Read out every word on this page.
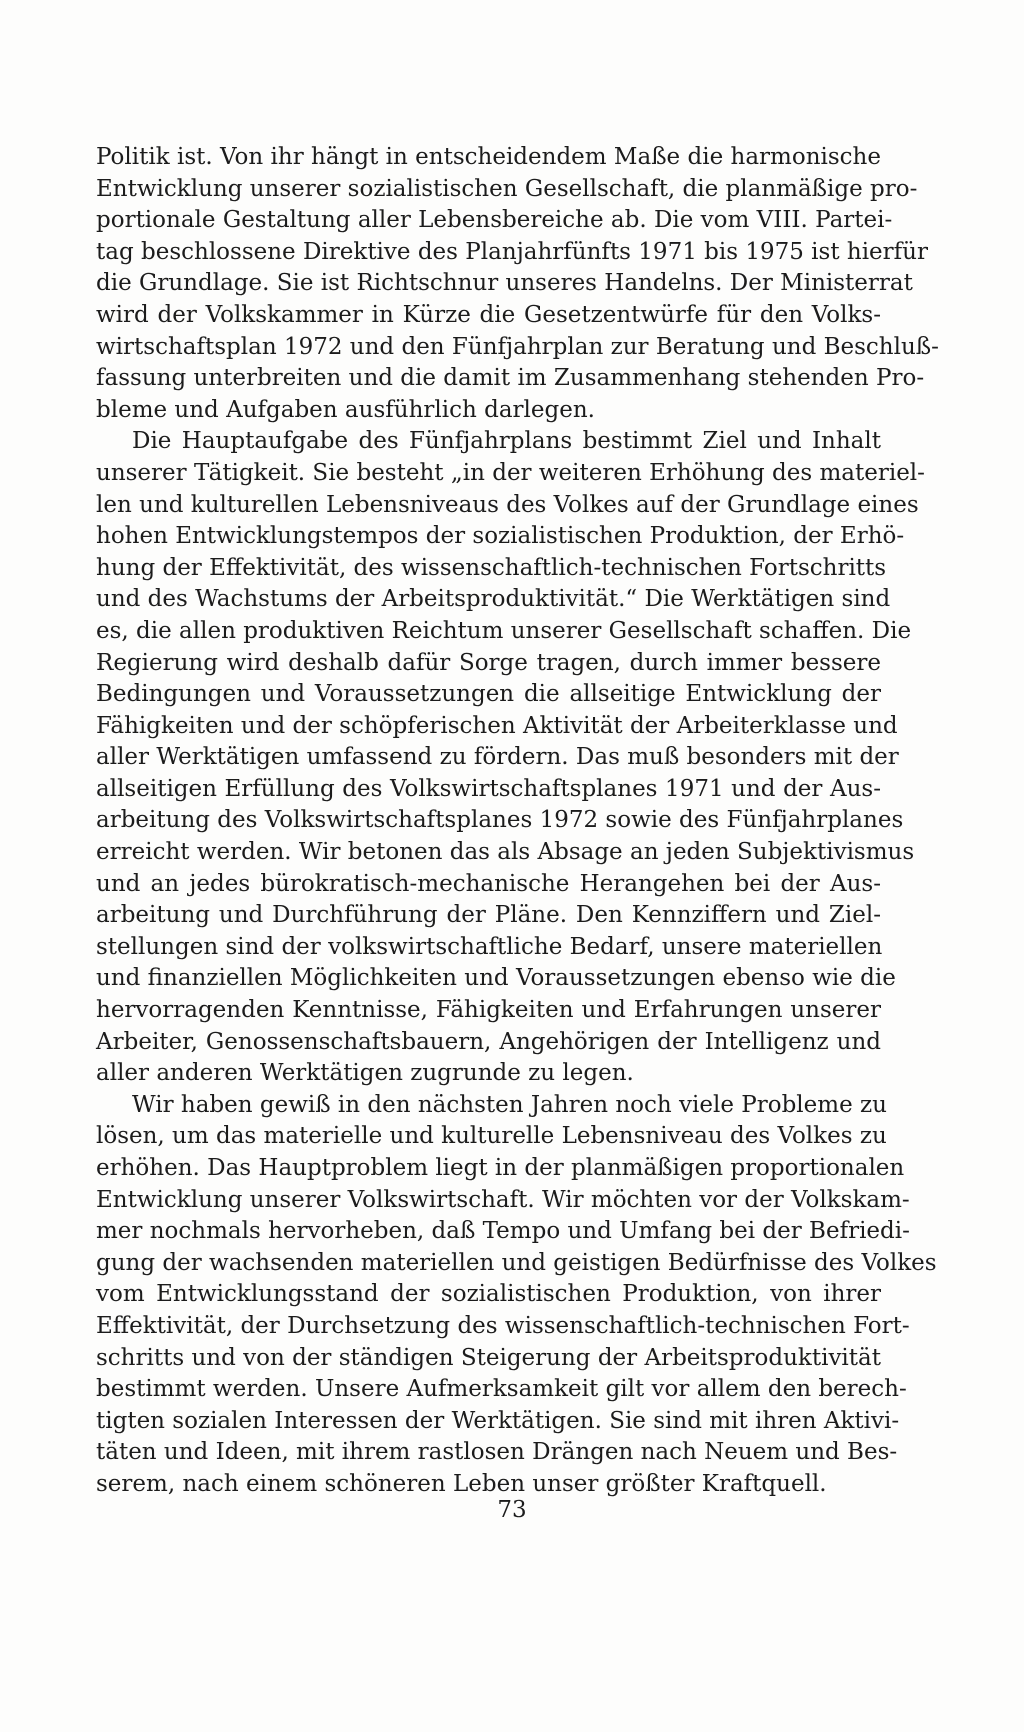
Politik ist. Von ihr hängt in entscheidendem Maße die harmonische
Entwicklung unserer sozialistischen Gesellschaft, die planmäßige pro-
portionale Gestaltung aller Lebensbereiche ab. Die vom VIII. Partei-
tag beschlossene Direktive des Planjahrfünfts 1971 bis 1975 ist hierfür
die Grundlage. Sie ist Richtschnur unseres Handelns. Der Ministerrat
wird der Volkskammer in Kürze die Gesetzentwürfe für den Volks-
wirtschaftsplan 1972 und den Fünfjahrplan zur Beratung und Beschluß-
fassung unterbreiten und die damit im Zusammenhang stehenden Pro-
bleme und Aufgaben ausführlich darlegen.
Die Hauptaufgabe des Fünfjahrplans bestimmt Ziel und Inhalt
unserer Tätigkeit. Sie besteht „in der weiteren Erhöhung des materiel-
len und kulturellen Lebensniveaus des Volkes auf der Grundlage eines
hohen Entwicklungstempos der sozialistischen Produktion, der Erhö-
hung der Effektivität, des wissenschaftlich-technischen Fortschritts
und des Wachstums der Arbeitsproduktivität.“ Die Werktätigen sind
es, die allen produktiven Reichtum unserer Gesellschaft schaffen. Die
Regierung wird deshalb dafür Sorge tragen, durch immer bessere
Bedingungen und Voraussetzungen die allseitige Entwicklung der
Fähigkeiten und der schöpferischen Aktivität der Arbeiterklasse und
aller Werktätigen umfassend zu fördern. Das muß besonders mit der
allseitigen Erfüllung des Volkswirtschaftsplanes 1971 und der Aus-
arbeitung des Volkswirtschaftsplanes 1972 sowie des Fünfjahrplanes
erreicht werden. Wir betonen das als Absage an jeden Subjektivismus
und an jedes bürokratisch-mechanische Herangehen bei der Aus-
arbeitung und Durchführung der Pläne. Den Kennziffern und Ziel-
stellungen sind der volkswirtschaftliche Bedarf, unsere materiellen
und finanziellen Möglichkeiten und Voraussetzungen ebenso wie die
hervorragenden Kenntnisse, Fähigkeiten und Erfahrungen unserer
Arbeiter, Genossenschaftsbauern, Angehörigen der Intelligenz und
aller anderen Werktätigen zugrunde zu legen.
Wir haben gewiß in den nächsten Jahren noch viele Probleme zu
lösen, um das materielle und kulturelle Lebensniveau des Volkes zu
erhöhen. Das Hauptproblem liegt in der planmäßigen proportionalen
Entwicklung unserer Volkswirtschaft. Wir möchten vor der Volkskam-
mer nochmals hervorheben, daß Tempo und Umfang bei der Befriedi-
gung der wachsenden materiellen und geistigen Bedürfnisse des Volkes
vom Entwicklungsstand der sozialistischen Produktion, von ihrer
Effektivität, der Durchsetzung des wissenschaftlich-technischen Fort-
schritts und von der ständigen Steigerung der Arbeitsproduktivität
bestimmt werden. Unsere Aufmerksamkeit gilt vor allem den berech-
tigten sozialen Interessen der Werktätigen. Sie sind mit ihren Aktivi-
täten und Ideen, mit ihrem rastlosen Drängen nach Neuem und Bes-
serem, nach einem schöneren Leben unser größter Kraftquell.
73
